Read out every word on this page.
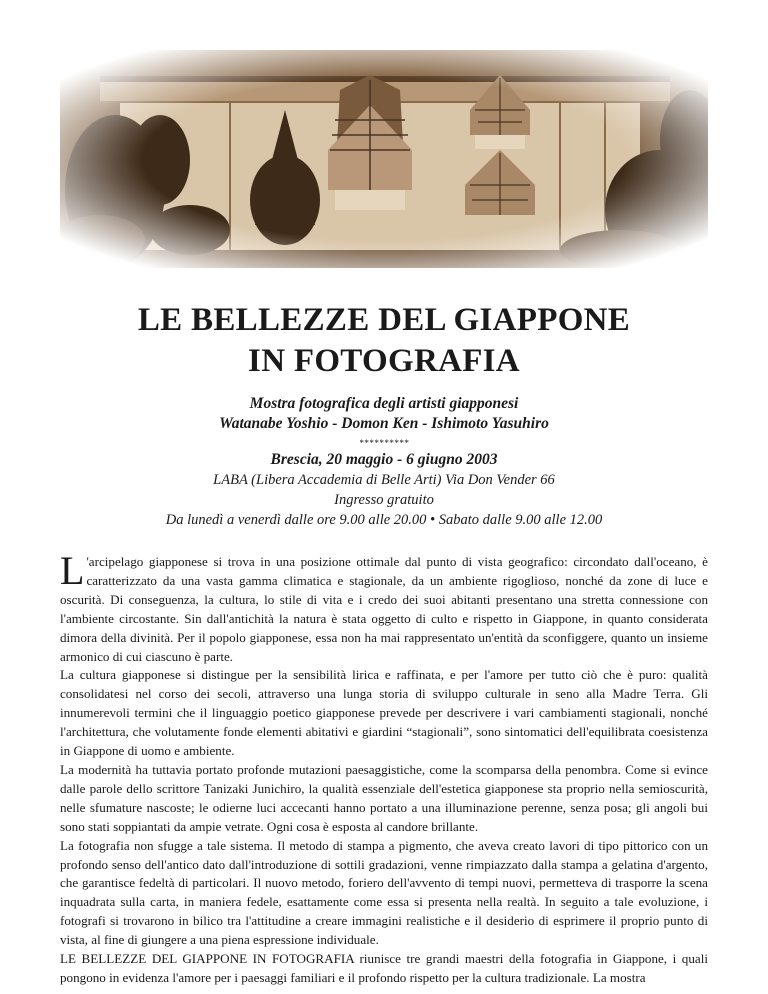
LE BELLEZZE DEL GIAPPONE
IN FOTOGRAFIA
Mostra fotografica degli artisti giapponesi
Watanabe Yoshio - Domon Ken - Ishimoto Yasuhiro
**********
Brescia, 20 maggio - 6 giugno 2003
LABA (Libera Accademia di Belle Arti) Via Don Vender 66
Ingresso gratuito
Da lunedì a venerdì dalle ore 9.00 alle 20.00 • Sabato dalle 9.00 alle 12.00

L 'arcipelago giapponese si trova in una posizione ottimale dal punto di vista geografico: circondato dall'oceano, è caratterizzato da una vasta gamma climatica e stagionale, da un ambiente rigoglioso, nonché da zone di luce e oscurità. Di conseguenza, la cultura, lo stile di vita e i credo dei suoi abitanti presentano una stretta connessione con l'ambiente circostante. Sin dall'antichità la natura è stata oggetto di culto e rispetto in Giappone, in quanto considerata dimora della divinità. Per il popolo giapponese, essa non ha mai rappresentato un'entità da sconfiggere, quanto un insieme armonico di cui ciascuno è parte.

La cultura giapponese si distingue per la sensibilità lirica e raffinata, e per l'amore per tutto ciò che è puro: qualità consolidatesi nel corso dei secoli, attraverso una lunga storia di sviluppo culturale in seno alla Madre Terra. Gli innumerevoli termini che il linguaggio poetico giapponese prevede per descrivere i vari cambiamenti stagionali, nonché l'architettura, che volutamente fonde elementi abitativi e giardini “stagionali”, sono sintomatici dell'equilibrata coesistenza in Giappone di uomo e ambiente.

La modernità ha tuttavia portato profonde mutazioni paesaggistiche, come la scomparsa della penombra. Come si evince dalle parole dello scrittore Tanizaki Junichiro, la qualità essenziale dell'estetica giapponese sta proprio nella semioscurità, nelle sfumature nascoste; le odierne luci accecanti hanno portato a una illuminazione perenne, senza posa; gli angoli bui sono stati soppiantati da ampie vetrate. Ogni cosa è esposta al candore brillante.

La fotografia non sfugge a tale sistema. Il metodo di stampa a pigmento, che aveva creato lavori di tipo pittorico con un profondo senso dell'antico dato dall'introduzione di sottili gradazioni, venne rimpiazzato dalla stampa a gelatina d'argento, che garantisce fedeltà di particolari. Il nuovo metodo, foriero dell'avvento di tempi nuovi, permetteva di trasporre la scena inquadrata sulla carta, in maniera fedele, esattamente come essa si presenta nella realtà. In seguito a tale evoluzione, i fotografi si trovarono in bilico tra l'attitudine a creare immagini realistiche e il desiderio di esprimere il proprio punto di vista, al fine di giungere a una piena espressione individuale.

LE BELLEZZE DEL GIAPPONE IN FOTOGRAFIA riunisce tre grandi maestri della fotografia in Giappone, i quali pongono in evidenza l'amore per i paesaggi familiari e il profondo rispetto per la cultura tradizionale. La mostra
